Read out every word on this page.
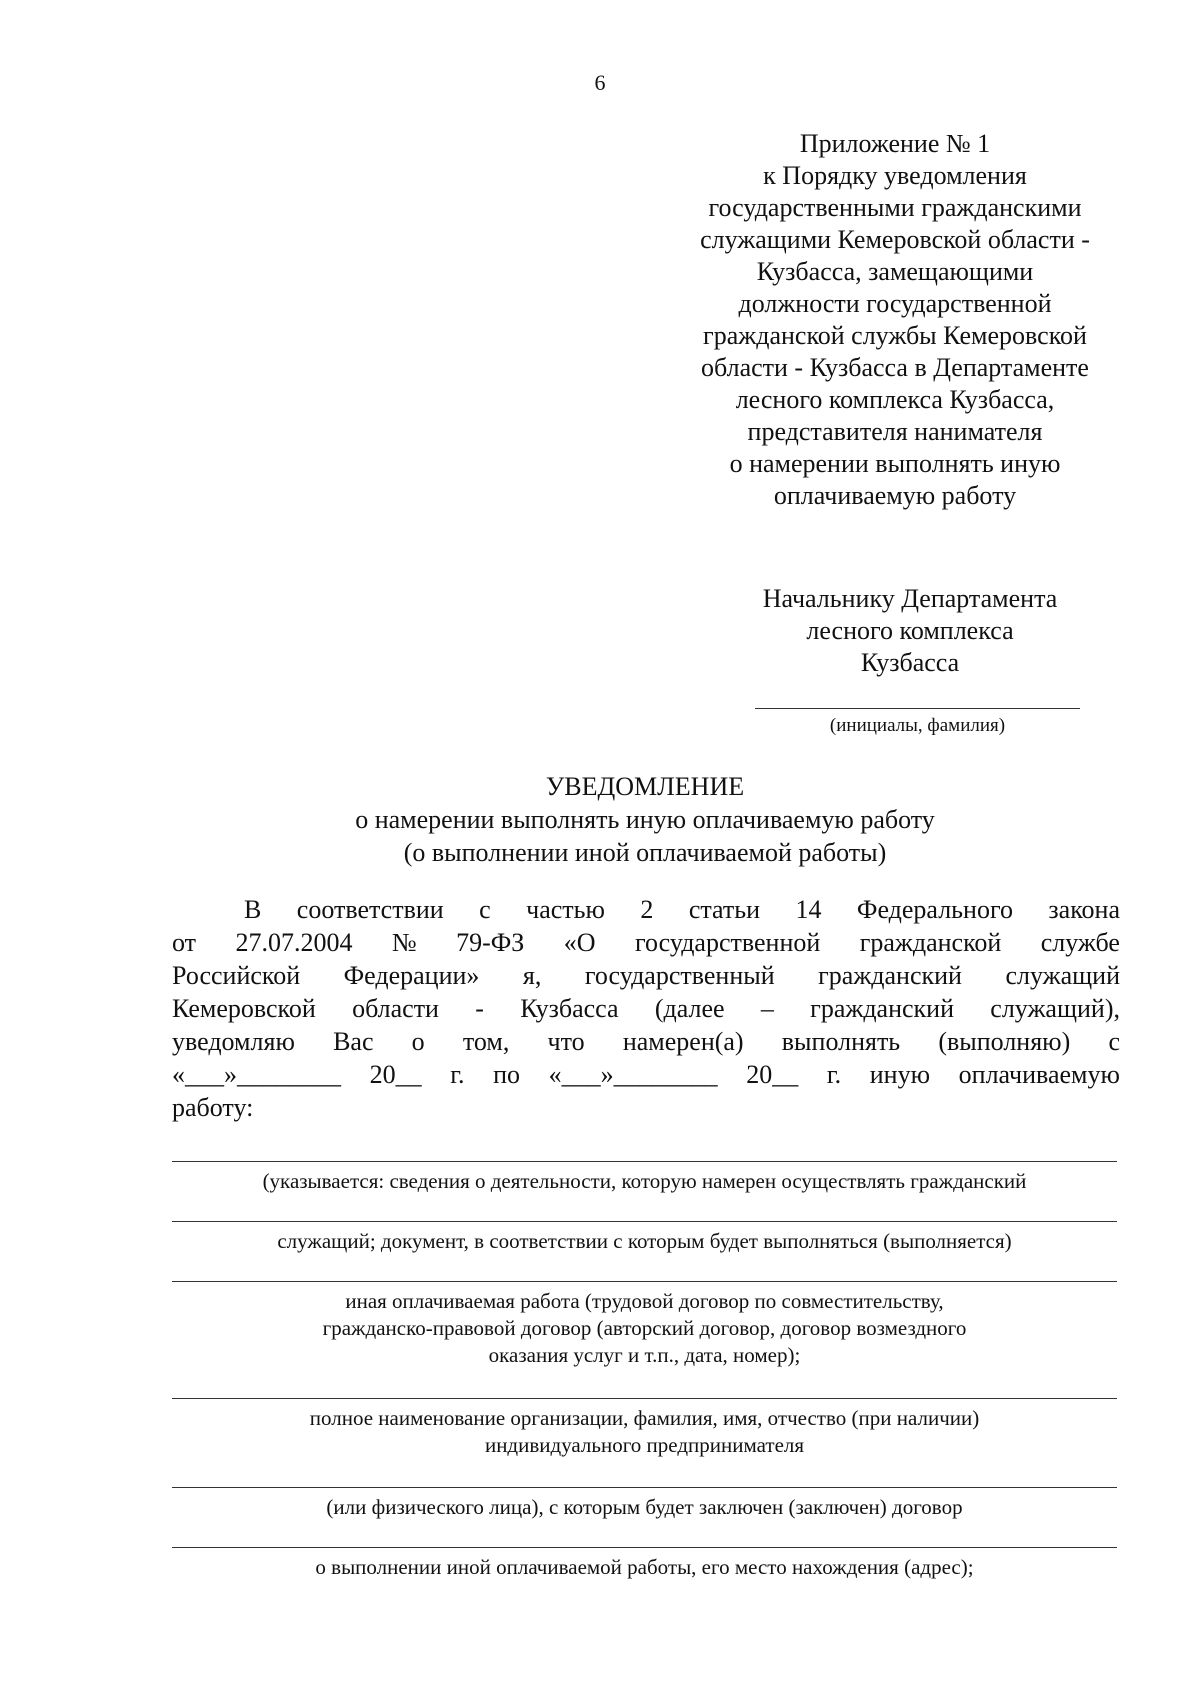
6
Приложение № 1
к Порядку уведомления
государственными гражданскими
служащими Кемеровской области -
Кузбасса, замещающими
должности государственной
гражданской службы Кемеровской
области - Кузбасса в Департаменте
лесного комплекса Кузбасса,
представителя нанимателя
о намерении выполнять иную
оплачиваемую работу
Начальнику Департамента
лесного комплекса
Кузбасса
(инициалы, фамилия)
УВЕДОМЛЕНИЕ
о намерении выполнять иную оплачиваемую работу
(о выполнении иной оплачиваемой работы)
В соответствии с частью 2 статьи 14 Федерального закона
от 27.07.2004 № 79-ФЗ «О государственной гражданской службе
Российской Федерации» я, государственный гражданский служащий
Кемеровской области - Кузбасса (далее – гражданский служащий),
уведомляю Вас о том, что намерен(а) выполнять (выполняю) с
«___»________ 20__ г. по «___»________ 20__ г. иную оплачиваемую
работу:
(указывается: сведения о деятельности, которую намерен осуществлять гражданский
служащий; документ, в соответствии с которым будет выполняться (выполняется)
иная оплачиваемая работа (трудовой договор по совместительству,
гражданско-правовой договор (авторский договор, договор возмездного
оказания услуг и т.п., дата, номер);
полное наименование организации, фамилия, имя, отчество (при наличии)
индивидуального предпринимателя
(или физического лица), с которым будет заключен (заключен) договор
о выполнении иной оплачиваемой работы, его место нахождения (адрес);
